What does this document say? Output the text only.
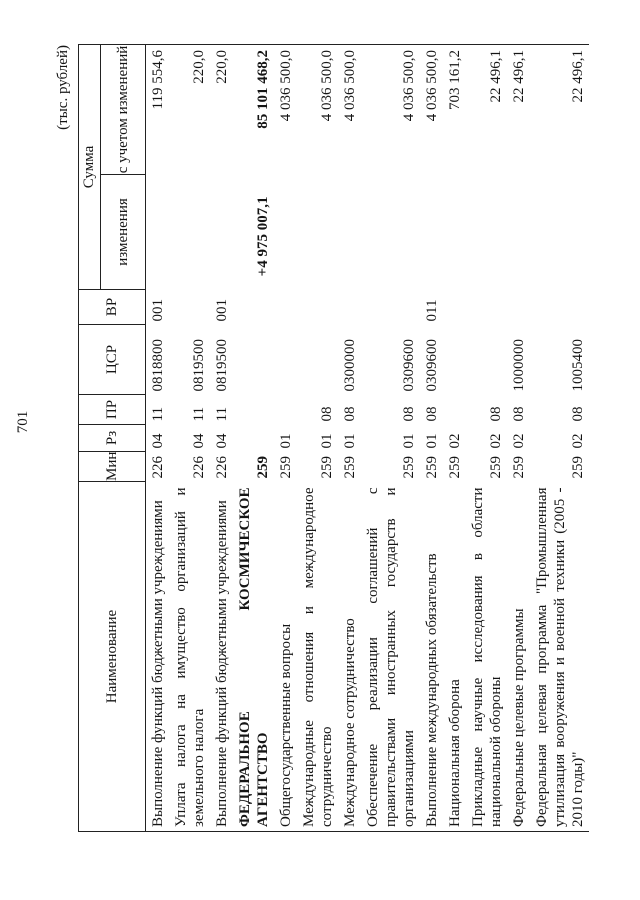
701
(тыс. рублей)
Наименование	Мин	Рз	ПР	ЦСР	ВР	Сумма	
						изменения	с учетом изменений
Выполнение функций бюджетными учреждениями	226	04	11	0818800	001		119 554,6
Уплата налога на имущество организаций и земельного налога	226	04	11	0819500			220,0
Выполнение функций бюджетными учреждениями	226	04	11	0819500	001		220,0
ФЕДЕРАЛЬНОЕ КОСМИЧЕСКОЕ АГЕНТСТВО	259					+4 975 007,1	85 101 468,2
Общегосударственные вопросы	259	01					4 036 500,0
Международные отношения и международное сотрудничество	259	01	08				4 036 500,0
Международное сотрудничество	259	01	08	0300000			4 036 500,0
Обеспечение реализации соглашений с правительствами иностранных государств и организациями	259	01	08	0309600			4 036 500,0
Выполнение международных обязательств	259	01	08	0309600	011		4 036 500,0
Национальная оборона	259	02					703 161,2
Прикладные научные исследования в области национальной обороны	259	02	08				22 496,1
Федеральные целевые программы	259	02	08	1000000			22 496,1
Федеральная целевая программа "Промышленная утилизация вооружения и военной техники (2005 - 2010 годы)"	259	02	08	1005400			22 496,1
